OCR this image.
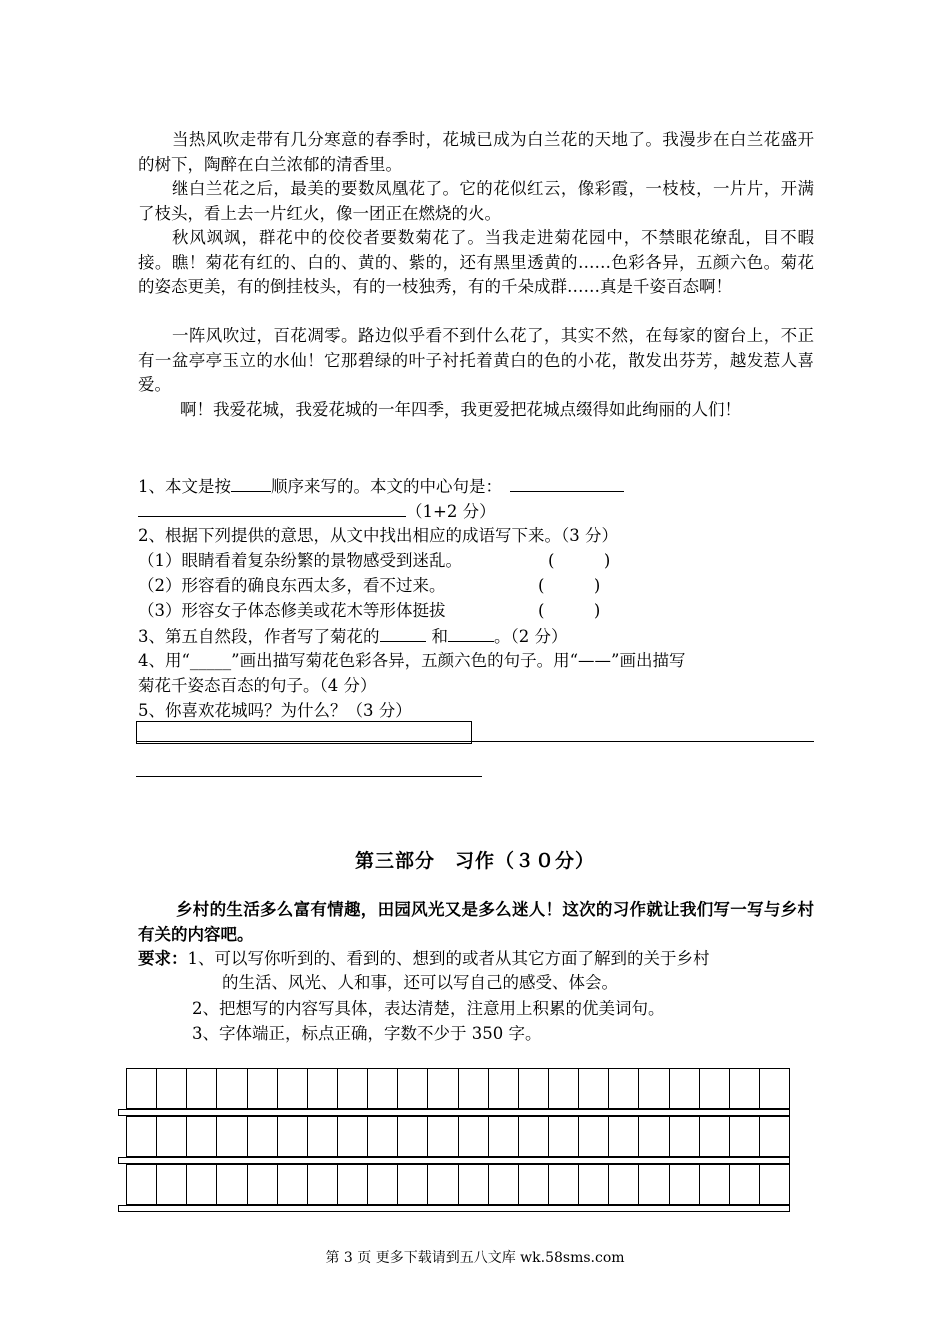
当热风吹走带有几分寒意的春季时，花城已成为白兰花的天地了。我漫步在白兰花盛开的树下，陶醉在白兰浓郁的清香里。

继白兰花之后，最美的要数凤凰花了。它的花似红云，像彩霞，一枝枝，一片片，开满了枝头，看上去一片红火，像一团正在燃烧的火。

秋风飒飒，群花中的佼佼者要数菊花了。当我走进菊花园中，不禁眼花缭乱，目不暇接。瞧！菊花有红的、白的、黄的、紫的，还有黑里透黄的……色彩各异，五颜六色。菊花的姿态更美，有的倒挂枝头，有的一枝独秀，有的千朵成群……真是千姿百态啊！

一阵风吹过，百花凋零。路边似乎看不到什么花了，其实不然，在每家的窗台上，不正有一盆亭亭玉立的水仙！它那碧绿的叶子衬托着黄白的色的小花，散发出芬芳，越发惹人喜爱。

啊！我爱花城，我爱花城的一年四季，我更爱把花城点缀得如此绚丽的人们！

1、本文是按 顺序来写的。本文的中心句是：
（1+2 分）
2、根据下列提供的意思，从文中找出相应的成语写下来。（3 分）
（1）眼睛看着复杂纷繁的景物感受到迷乱。	(　　　)
（2）形容看的确良东西太多，看不过来。	(　　　)
（3）形容女子体态修美或花木等形体挺拔	(　　　)
3、第五自然段，作者写了菊花的	和	。（2 分）
4、用“_____”画出描写菊花色彩各异，五颜六色的句子。用“——”画出描写
菊花千姿态百态的句子。（4 分）
5、你喜欢花城吗？为什么？（3 分）
第三部分　习作（３０分）

乡村的生活多么富有情趣，田园风光又是多么迷人！这次的习作就让我们写一写与乡村有关的内容吧。

要求：1、可以写你听到的、看到的、想到的或者从其它方面了解到的关于乡村
的生活、风光、人和事，还可以写自己的感受、体会。
2、把想写的内容写具体，表达清楚，注意用上积累的优美词句。
3、字体端正，标点正确，字数不少于 350 字。
第 3 页 更多下载请到五八文库 wk.58sms.com
